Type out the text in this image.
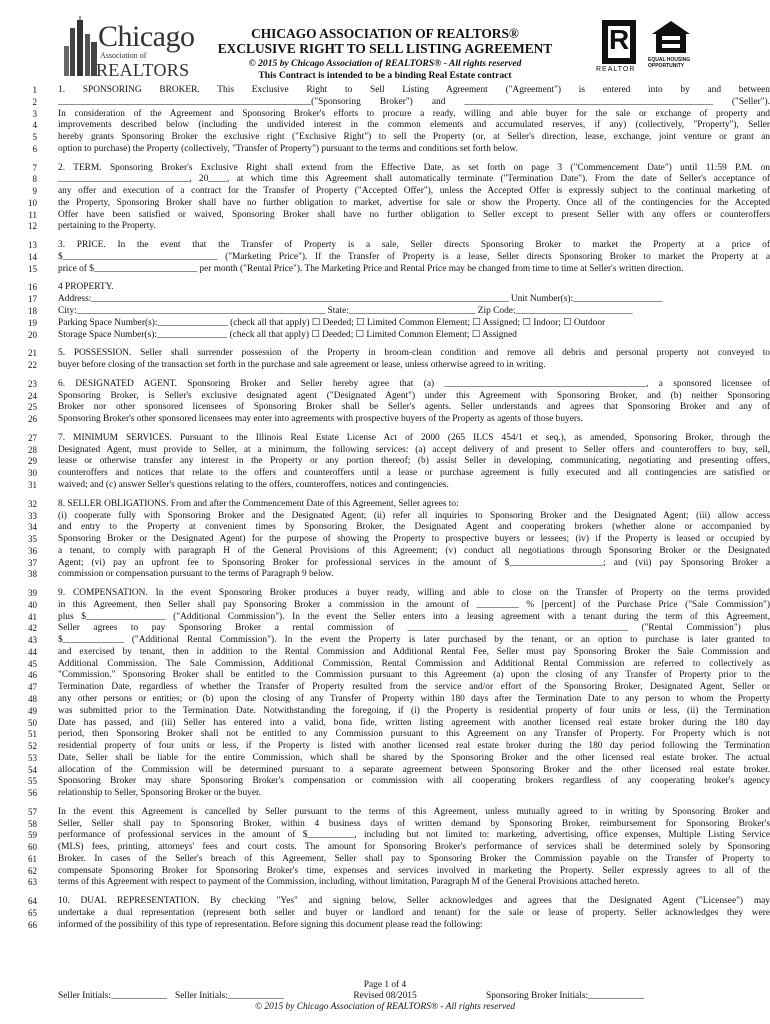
Chicago
Association of
REALTORS
CHICAGO ASSOCIATION OF REALTORS®
EXCLUSIVE RIGHT TO SELL LISTING AGREEMENT
© 2015 by Chicago Association of REALTORS® - All rights reserved
This Contract is intended to be a binding Real Estate contract
R
REALTOR
EQUAL HOUSING OPPORTUNITY
1 1. SPONSORING BROKER. This Exclusive Right to Sell Listing Agreement ("Agreement") is entered into by and between
2 ______________________________________________________("Sponsoring Broker") and _____________________________________________________ ("Seller").
3 In consideration of the Agreement and Sponsoring Broker's efforts to procure a ready, willing and able buyer for the sale or exchange of property and
4 improvements described below (including the undivided interest in the common elements and accumulated reserves, if any) (collectively, "Property"), Seller
5 hereby grants Sponsoring Broker the exclusive right ("Exclusive Right") to sell the Property (or, at Seller's direction, lease, exchange, joint venture or grant an
6 option to purchase) the Property (collectively, "Transfer of Property") pursuant to the terms and conditions set forth below.
7 2. TERM. Sponsoring Broker's Exclusive Right shall extend from the Effective Date, as set forth on page 3 ("Commencement Date") until 11:59 P.M. on
8 ____________________________, 20____, at which time this Agreement shall automatically terminate ("Termination Date"). From the date of Seller's acceptance of
9 any offer and execution of a contract for the Transfer of Property ("Accepted Offer"), unless the Accepted Offer is expressly subject to the continual marketing of
10 the Property, Sponsoring Broker shall have no further obligation to market, advertise for sale or show the Property. Once all of the contingencies for the Accepted
11 Offer have been satisfied or waived, Sponsoring Broker shall have no further obligation to Seller except to present Seller with any offers or counteroffers
12 pertaining to the Property.
13 3. PRICE. In the event that the Transfer of Property is a sale, Seller directs Sponsoring Broker to market the Property at a price of
14 $_________________________________ ("Marketing Price"). If the Transfer of Property is a lease, Seller directs Sponsoring Broker to market the Property at a
15 price of $______________________ per month ("Rental Price"). The Marketing Price and Rental Price may be changed from time to time at Seller's written direction.
16 4 PROPERTY.
17 Address:_________________________________________________________________________________________ Unit Number(s):___________________
18 City:_____________________________________________________ State:___________________________ Zip Code:_________________________
19 Parking Space Number(s):_______________ (check all that apply) ☐ Deeded; ☐ Limited Common Element; ☐ Assigned; ☐ Indoor; ☐ Outdoor
20 Storage Space Number(s):_______________ (check all that apply) ☐ Deeded; ☐ Limited Common Element; ☐ Assigned
21 5. POSSESSION. Seller shall surrender possession of the Property in broom-clean condition and remove all debris and personal property not conveyed to
22 buyer before closing of the transaction set forth in the purchase and sale agreement or lease, unless otherwise agreed to in writing.
23 6. DESIGNATED AGENT. Sponsoring Broker and Seller hereby agree that (a) ___________________________________________, a sponsored licensee of
24 Sponsoring Broker, is Seller's exclusive designated agent ("Designated Agent") under this Agreement with Sponsoring Broker, and (b) neither Sponsoring
25 Broker nor other sponsored licensees of Sponsoring Broker shall be Seller's agents. Seller understands and agrees that Sponsoring Broker and any of
26 Sponsoring Broker's other sponsored licensees may enter into agreements with prospective buyers of the Property as agents of those buyers.
27 7. MINIMUM SERVICES. Pursuant to the Illinois Real Estate License Act of 2000 (265 ILCS 454/1 et seq.), as amended, Sponsoring Broker, through the
28 Designated Agent, must provide to Seller, at a minimum, the following services: (a) accept delivery of and present to Seller offers and counteroffers to buy, sell,
29 lease or otherwise transfer any interest in the Property or any portion thereof; (b) assist Seller in developing, communicating, negotiating and presenting offers,
30 counteroffers and notices that relate to the offers and counteroffers until a lease or purchase agreement is fully executed and all contingencies are satisfied or
31 waived; and (c) answer Seller's questions relating to the offers, counteroffers, notices and contingencies.
32 8. SELLER OBLIGATIONS. From and after the Commencement Date of this Agreement, Seller agrees to:
33 (i) cooperate fully with Sponsoring Broker and the Designated Agent; (ii) refer all inquiries to Sponsoring Broker and the Designated Agent; (iii) allow access
34 and entry to the Property at convenient times by Sponsoring Broker, the Designated Agent and cooperating brokers (whether alone or accompanied by
35 Sponsoring Broker or the Designated Agent) for the purpose of showing the Property to prospective buyers or lessees; (iv) if the Property is leased or occupied by
36 a tenant, to comply with paragraph H of the General Provisions of this Agreement; (v) conduct all negotiations through Sponsoring Broker or the Designated
37 Agent; (vi) pay an upfront fee to Sponsoring Broker for professional services in the amount of $____________________; and (vii) pay Sponsoring Broker a
38 commission or compensation pursuant to the terms of Paragraph 9 below.
39 9. COMPENSATION. In the event Sponsoring Broker produces a buyer ready, willing and able to close on the Transfer of Property on the terms provided
40 in this Agreement, then Seller shall pay Sponsoring Broker a commission in the amount of _________ % [percent] of the Purchase Price ("Sale Commission")
41 plus $_________________ ("Additional Commission"). In the event the Seller enters into a leasing agreement with a tenant during the term of this Agreement,
42 Seller agrees to pay Sponsoring Broker a rental commission of _______________________________________________ ("Rental Commission") plus
43 $_____________ ("Additional Rental Commission"). In the event the Property is later purchased by the tenant, or an option to purchase is later granted to
44 and exercised by tenant, then in addition to the Rental Commission and Additional Rental Fee, Seller must pay Sponsoring Broker the Sale Commission and
45 Additional Commission. The Sale Commission, Additional Commission, Rental Commission and Additional Rental Commission are referred to collectively as
46 "Commission." Sponsoring Broker shall be entitled to the Commission pursuant to this Agreement (a) upon the closing of any Transfer of Property prior to the
47 Termination Date, regardless of whether the Transfer of Property resulted from the service and/or effort of the Sponsoring Broker, Designated Agent, Seller or
48 any other persons or entities; or (b) upon the closing of any Transfer of Property within 180 days after the Termination Date to any person to whom the Property
49 was submitted prior to the Termination Date. Notwithstanding the foregoing, if (i) the Property is residential property of four units or less, (ii) the Termination
50 Date has passed, and (iii) Seller has entered into a valid, bona fide, written listing agreement with another licensed real estate broker during the 180 day
51 period, then Sponsoring Broker shall not be entitled to any Commission pursuant to this Agreement on any Transfer of Property. For Property which is not
52 residential property of four units or less, if the Property is listed with another licensed real estate broker during the 180 day period following the Termination
53 Date, Seller shall be liable for the entire Commission, which shall be shared by the Sponsoring Broker and the other licensed real estate broker. The actual
54 allocation of the Commission will be determined pursuant to a separate agreement between Sponsoring Broker and the other licensed real estate broker.
55 Sponsoring Broker may share Sponsoring Broker's compensation or commission with all cooperating brokers regardless of any cooperating broker's agency
56 relationship to Seller, Sponsoring Broker or the buyer.
57 In the event this Agreement is cancelled by Seller pursuant to the terms of this Agreement, unless mutually agreed to in writing by Sponsoring Broker and
58 Seller, Seller shall pay to Sponsoring Broker, within 4 business days of written demand by Sponsoring Broker, reimbursement for Sponsoring Broker's
59 performance of professional services in the amount of $__________, including but not limited to: marketing, advertising, office expenses, Multiple Listing Service
60 (MLS) fees, printing, attorneys' fees and court costs. The amount for Sponsoring Broker's performance of services shall be determined solely by Sponsoring
61 Broker. In cases of the Seller's breach of this Agreement, Seller shall pay to Sponsoring Broker the Commission payable on the Transfer of Property to
62 compensate Sponsoring Broker for Sponsoring Broker's time, expenses and services involved in marketing the Property. Seller expressly agrees to all of the
63 terms of this Agreement with respect to payment of the Commission, including, without limitation, Paragraph M of the General Provisions attached hereto.
64 10. DUAL REPRESENTATION. By checking "Yes" and signing below, Seller acknowledges and agrees that the Designated Agent ("Licensee") may
65 undertake a dual representation (represent both seller and buyer or landlord and tenant) for the sale or lease of property. Seller acknowledges they were
66 informed of the possibility of this type of representation. Before signing this document please read the following:
Page 1 of 4
Revised 08/2015
Seller Initials:____________ Seller Initials:____________	Sponsoring Broker Initials:____________
© 2015 by Chicago Association of REALTORS® - All rights reserved
